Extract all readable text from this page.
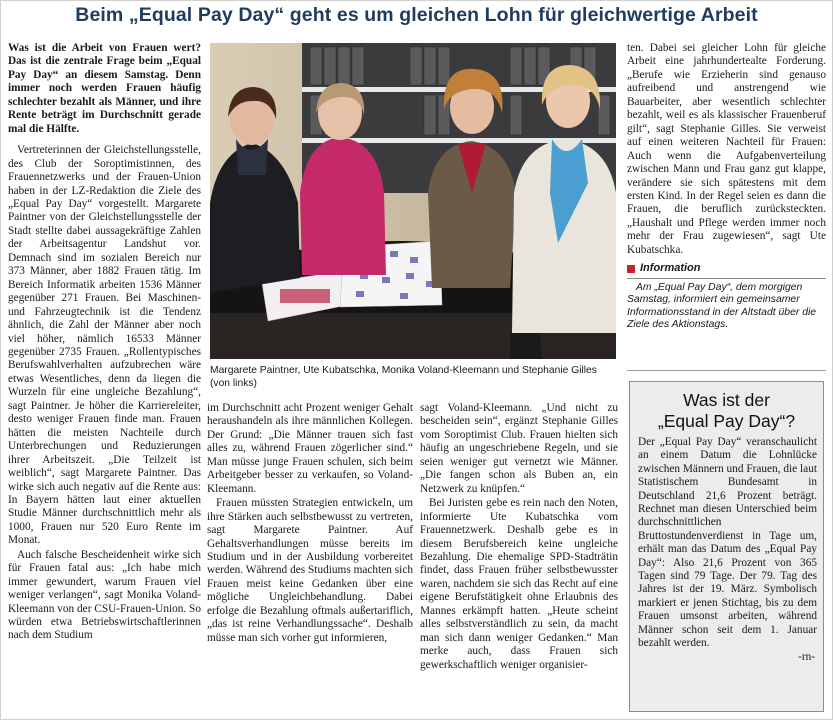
Beim „Equal Pay Day“ geht es um gleichen Lohn für gleichwertige Arbeit

Was ist die Arbeit von Frauen wert? Das ist die zentrale Frage beim „Equal Pay Day“ an diesem Samstag. Denn immer noch werden Frauen häufig schlechter bezahlt als Männer, und ihre Rente beträgt im Durchschnitt gerade mal die Hälfte.

Vertreterinnen der Gleichstellungsstelle, des Club der Soroptimistinnen, des Frauennetzwerks und der Frauen-Union haben in der LZ-Redaktion die Ziele des „Equal Pay Day“ vorgestellt. Margarete Paintner von der Gleichstellungsstelle der Stadt stellte dabei aussagekräftige Zahlen der Arbeitsagentur Landshut vor. Demnach sind im sozialen Bereich nur 373 Männer, aber 1882 Frauen tätig. Im Bereich Informatik arbeiten 1536 Männer gegenüber 271 Frauen. Bei Maschinen- und Fahrzeugtechnik ist die Tendenz ähnlich, die Zahl der Männer aber noch viel höher, nämlich 16533 Männer gegenüber 2735 Frauen. „Rollentypisches Berufswahlverhalten aufzubrechen wäre etwas Wesentliches, denn da liegen die Wurzeln für eine ungleiche Bezahlung“, sagt Paintner. Je höher die Karriereleiter, desto weniger Frauen finde man. Frauen hätten die meisten Nachteile durch Unterbrechungen und Reduzierungen ihrer Arbeitszeit. „Die Teilzeit ist weiblich“, sagt Margarete Paintner. Das wirke sich auch negativ auf die Rente aus: In Bayern hätten laut einer aktuellen Studie Männer durchschnittlich mehr als 1000, Frauen nur 520 Euro Rente im Monat.

Auch falsche Bescheidenheit wirke sich für Frauen fatal aus: „Ich habe mich immer gewundert, warum Frauen viel weniger verlangen“, sagt Monika Voland-Kleemann von der CSU-Frauen-Union. So würden etwa Betriebswirtschaftlerinnen nach dem Studium

Margarete Paintner, Ute Kubatschka, Monika Voland-Kleemann und Stephanie Gilles (von links)

im Durchschnitt acht Prozent weniger Gehalt heraushandeln als ihre männlichen Kollegen. Der Grund: „Die Männer trauen sich fast alles zu, während Frauen zögerlicher sind.“ Man müsse junge Frauen schulen, sich beim Arbeitgeber besser zu verkaufen, so Voland-Kleemann.

Frauen müssten Strategien entwickeln, um ihre Stärken auch selbstbewusst zu vertreten, sagt Margarete Paintner. Auf Gehaltsverhandlungen müsse bereits im Studium und in der Ausbildung vorbereitet werden. Während des Studiums machten sich Frauen meist keine Gedanken über eine mögliche Ungleichbehandlung. Dabei erfolge die Bezahlung oftmals außertariflich, „das ist reine Verhandlungssache“. Deshalb müsse man sich vorher gut informieren,

sagt Voland-Kleemann. „Und nicht zu bescheiden sein“, ergänzt Stephanie Gilles vom Soroptimist Club. Frauen hielten sich häufig an ungeschriebene Regeln, und sie seien weniger gut vernetzt wie Männer. „Die fangen schon als Buben an, ein Netzwerk zu knüpfen.“

Bei Juristen gebe es rein nach den Noten, informierte Ute Kubatschka vom Frauennetzwerk. Deshalb gebe es in diesem Berufsbereich keine ungleiche Bezahlung. Die ehemalige SPD-Stadträtin findet, dass Frauen früher selbstbewusster waren, nachdem sie sich das Recht auf eine eigene Berufstätigkeit ohne Erlaubnis des Mannes erkämpft hatten. „Heute scheint alles selbstverständlich zu sein, da macht man sich dann weniger Gedanken.“ Man merke auch, dass Frauen sich gewerkschaftlich weniger organisier-

ten. Dabei sei gleicher Lohn für gleiche Arbeit eine jahrhundertealte Forderung. „Berufe wie Erzieherin sind genauso aufreibend und anstrengend wie Bauarbeiter, aber wesentlich schlechter bezahlt, weil es als klassischer Frauenberuf gilt“, sagt Stephanie Gilles. Sie verweist auf einen weiteren Nachteil für Frauen: Auch wenn die Aufgabenverteilung zwischen Mann und Frau ganz gut klappe, verändere sie sich spätestens mit dem ersten Kind. In der Regel seien es dann die Frauen, die beruflich zurücksteckten. „Haushalt und Pflege werden immer noch mehr der Frau zugewiesen“, sagt Ute Kubatschka.

Information

Am „Equal Pay Day“, dem morgigen Samstag, informiert ein gemeinsamer Informationsstand in der Altstadt über die Ziele des Aktionstags.

Was ist der
„Equal Pay Day“?

Der „Equal Pay Day“ veranschaulicht an einem Datum die Lohnlücke zwischen Männern und Frauen, die laut Statistischem Bundesamt in Deutschland 21,6 Prozent beträgt. Rechnet man diesen Unterschied beim durchschnittlichen Bruttostundenverdienst in Tage um, erhält man das Datum des „Equal Pay Day“: Also 21,6 Prozent von 365 Tagen sind 79 Tage. Der 79. Tag des Jahres ist der 19. März. Symbolisch markiert er jenen Stichtag, bis zu dem Frauen umsonst arbeiten, während Männer schon seit dem 1. Januar bezahlt werden.

-rn-
